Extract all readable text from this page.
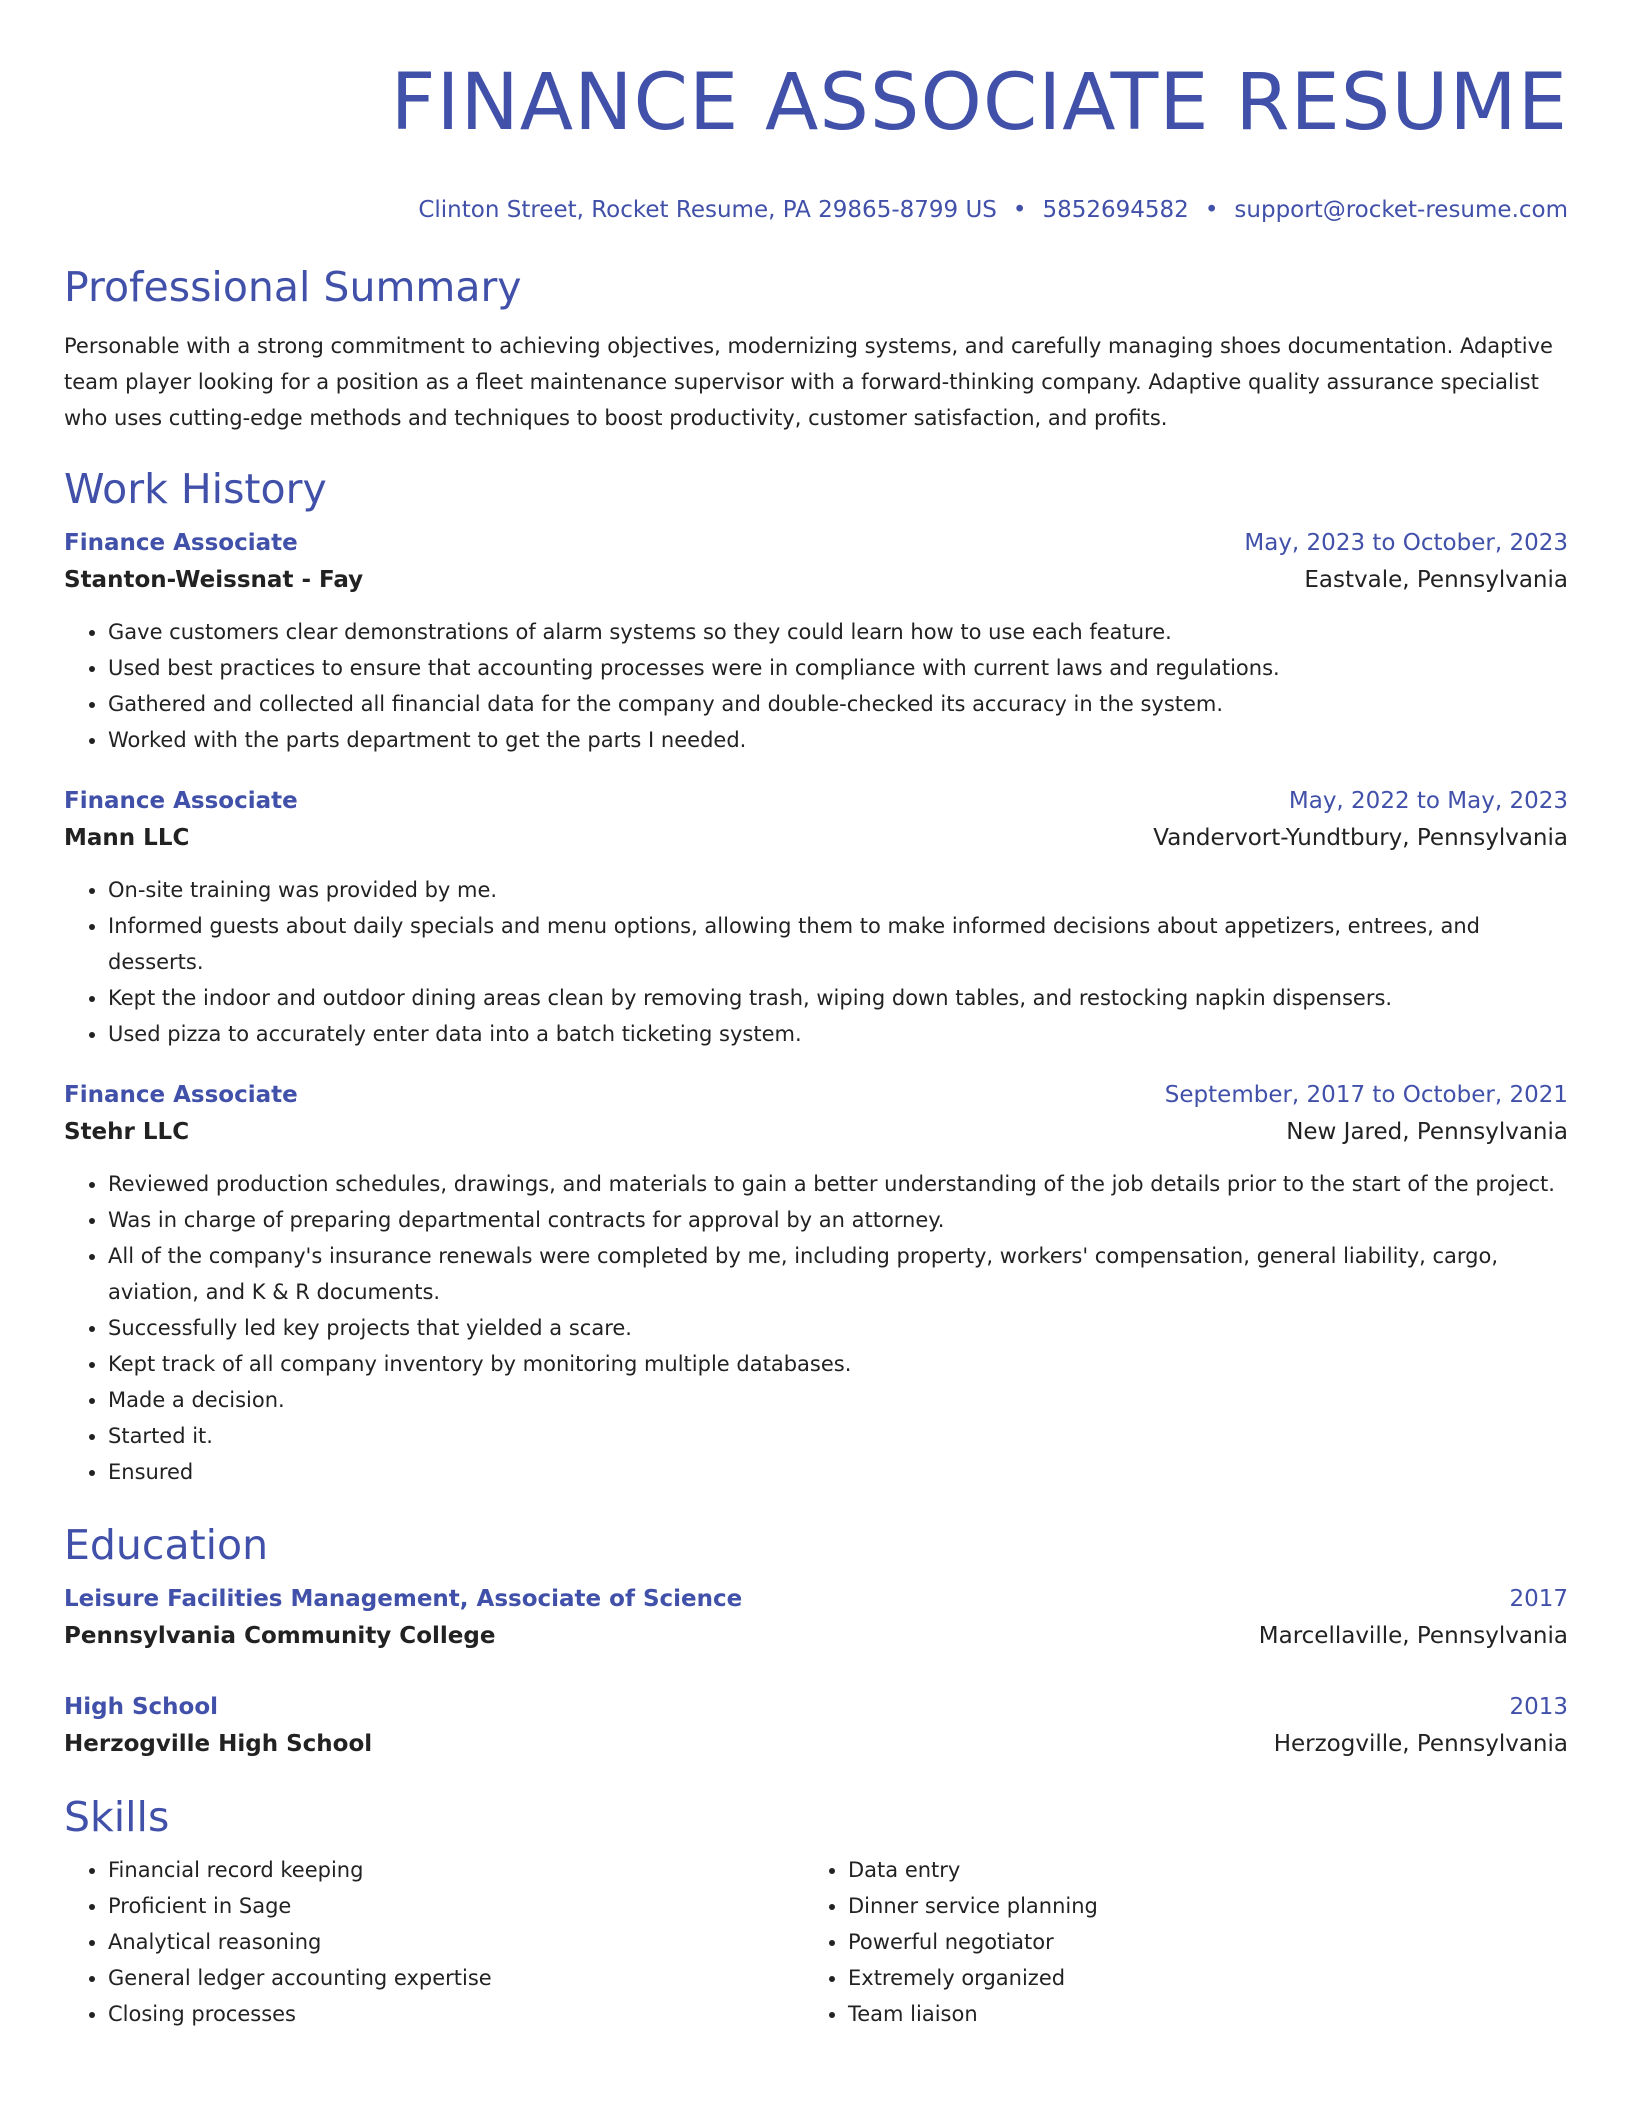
FINANCE ASSOCIATE RESUME
Clinton Street, Rocket Resume, PA 29865-8799 US • 5852694582 • support@rocket-resume.com
Professional Summary

Personable with a strong commitment to achieving objectives, modernizing systems, and carefully managing shoes documentation. Adaptive team player looking for a position as a fleet maintenance supervisor with a forward-thinking company. Adaptive quality assurance specialist who uses cutting-edge methods and techniques to boost productivity, customer satisfaction, and profits.

Work History
Finance Associate	May, 2023 to October, 2023
Stanton-Weissnat - Fay	Eastvale, Pennsylvania
• Gave customers clear demonstrations of alarm systems so they could learn how to use each feature.
• Used best practices to ensure that accounting processes were in compliance with current laws and regulations.
• Gathered and collected all financial data for the company and double-checked its accuracy in the system.
• Worked with the parts department to get the parts I needed.
Finance Associate	May, 2022 to May, 2023
Mann LLC	Vandervort-Yundtbury, Pennsylvania
• On-site training was provided by me.
• Informed guests about daily specials and menu options, allowing them to make informed decisions about appetizers, entrees, and desserts.
• Kept the indoor and outdoor dining areas clean by removing trash, wiping down tables, and restocking napkin dispensers.
• Used pizza to accurately enter data into a batch ticketing system.
Finance Associate	September, 2017 to October, 2021
Stehr LLC	New Jared, Pennsylvania
• Reviewed production schedules, drawings, and materials to gain a better understanding of the job details prior to the start of the project.
• Was in charge of preparing departmental contracts for approval by an attorney.
• All of the company's insurance renewals were completed by me, including property, workers' compensation, general liability, cargo, aviation, and K & R documents.
• Successfully led key projects that yielded a scare.
• Kept track of all company inventory by monitoring multiple databases.
• Made a decision.
• Started it.
• Ensured
Education
Leisure Facilities Management, Associate of Science	2017
Pennsylvania Community College	Marcellaville, Pennsylvania
High School	2013
Herzogville High School	Herzogville, Pennsylvania
Skills
• Financial record keeping
• Proficient in Sage
• Analytical reasoning
• General ledger accounting expertise
• Closing processes
• Data entry
• Dinner service planning
• Powerful negotiator
• Extremely organized
• Team liaison
